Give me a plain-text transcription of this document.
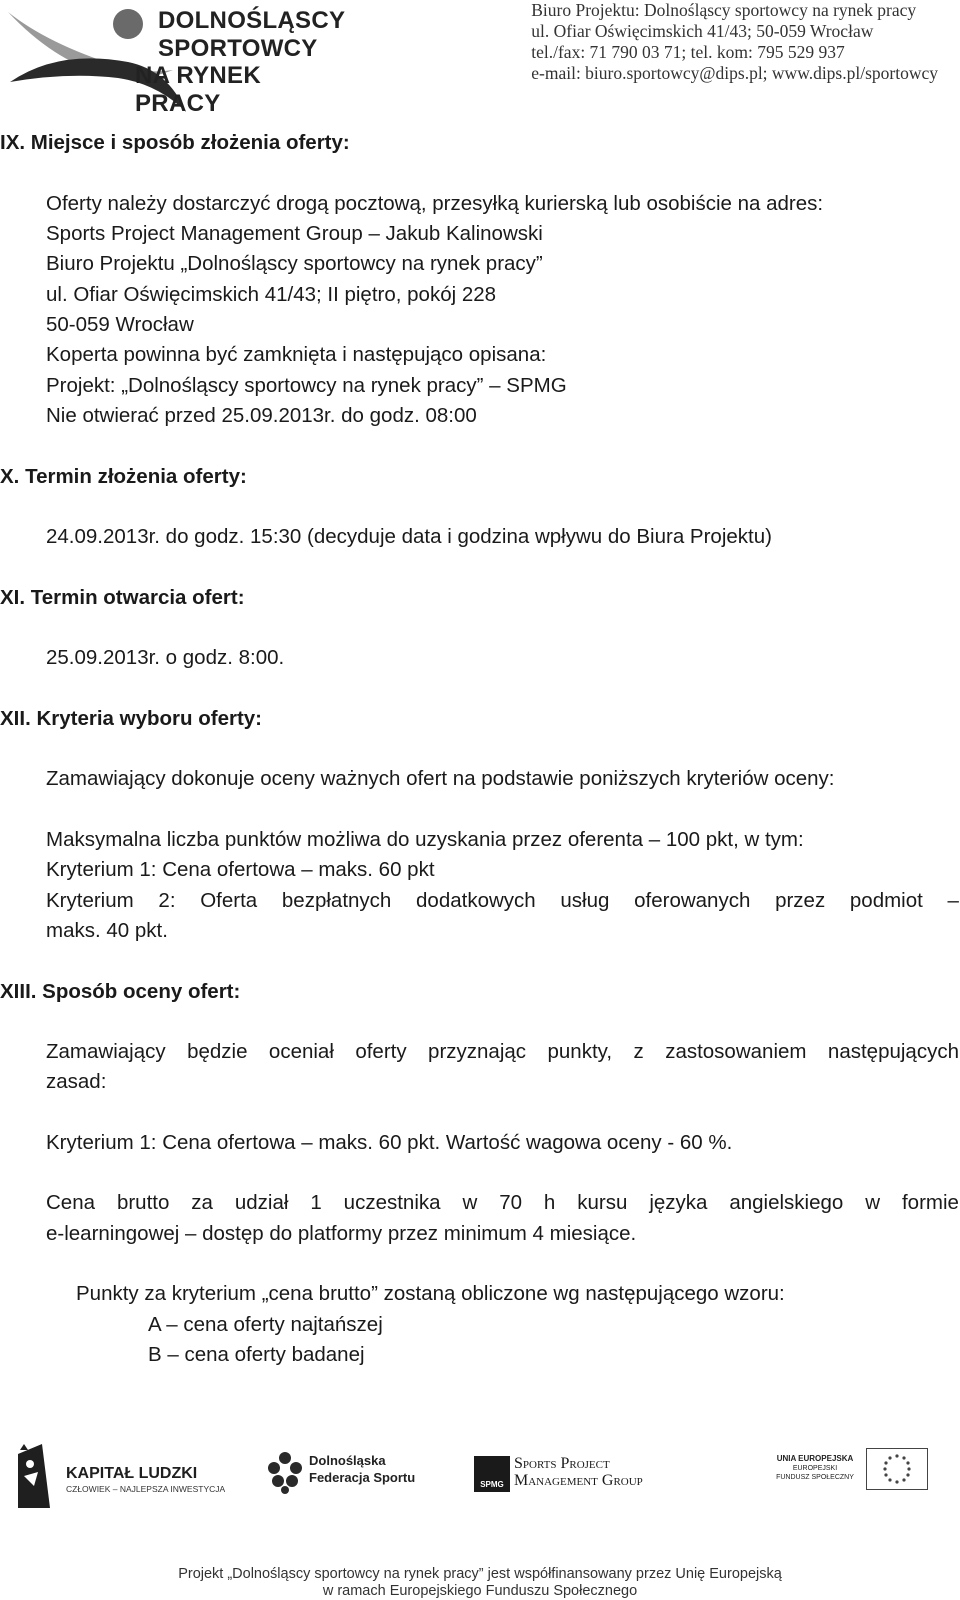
DOLNOŚLĄSCY
SPORTOWCY
NA RYNEK PRACY
Biuro Projektu: Dolnośląscy sportowcy na rynek pracy
ul. Ofiar Oświęcimskich 41/43; 50-059 Wrocław
tel./fax: 71 790 03 71; tel. kom: 795 529 937
e-mail: biuro.sportowcy@dips.pl; www.dips.pl/sportowcy
IX. Miejsce i sposób złożenia oferty:
Oferty należy dostarczyć drogą pocztową, przesyłką kurierską lub osobiście na adres:
Sports Project Management Group – Jakub Kalinowski
Biuro Projektu „Dolnośląscy sportowcy na rynek pracy”
ul. Ofiar Oświęcimskich 41/43; II piętro, pokój 228
50-059 Wrocław
Koperta powinna być zamknięta i następująco opisana:
Projekt: „Dolnośląscy sportowcy na rynek pracy” – SPMG
Nie otwierać przed 25.09.2013r. do godz. 08:00
X. Termin złożenia oferty:
24.09.2013r. do godz. 15:30 (decyduje data i godzina wpływu do Biura Projektu)
XI. Termin otwarcia ofert:
25.09.2013r. o godz. 8:00.
XII. Kryteria wyboru oferty:
Zamawiający dokonuje oceny ważnych ofert na podstawie poniższych kryteriów oceny:
Maksymalna liczba punktów możliwa do uzyskania przez oferenta – 100 pkt, w tym:
Kryterium 1: Cena ofertowa – maks. 60 pkt
Kryterium 2: Oferta bezpłatnych dodatkowych usług oferowanych przez podmiot –
maks. 40 pkt.
XIII. Sposób oceny ofert:
Zamawiający będzie oceniał oferty przyznając punkty, z zastosowaniem następujących
zasad:
Kryterium 1: Cena ofertowa – maks. 60 pkt. Wartość wagowa oceny - 60 %.
Cena brutto za udział 1 uczestnika w 70 h kursu języka angielskiego w formie
e-learningowej – dostęp do platformy przez minimum 4 miesiące.
Punkty za kryterium „cena brutto” zostaną obliczone wg następującego wzoru:
A – cena oferty najtańszej
B – cena oferty badanej
KAPITAŁ LUDZKI
CZŁOWIEK – NAJLEPSZA INWESTYCJA
Dolnośląska
Federacja Sportu	SPMG
Sports Project
Management Group
UNIA EUROPEJSKA
EUROPEJSKI
FUNDUSZ SPOŁECZNY
Projekt „Dolnośląscy sportowcy na rynek pracy” jest współfinansowany przez Unię Europejską
w ramach Europejskiego Funduszu Społecznego
